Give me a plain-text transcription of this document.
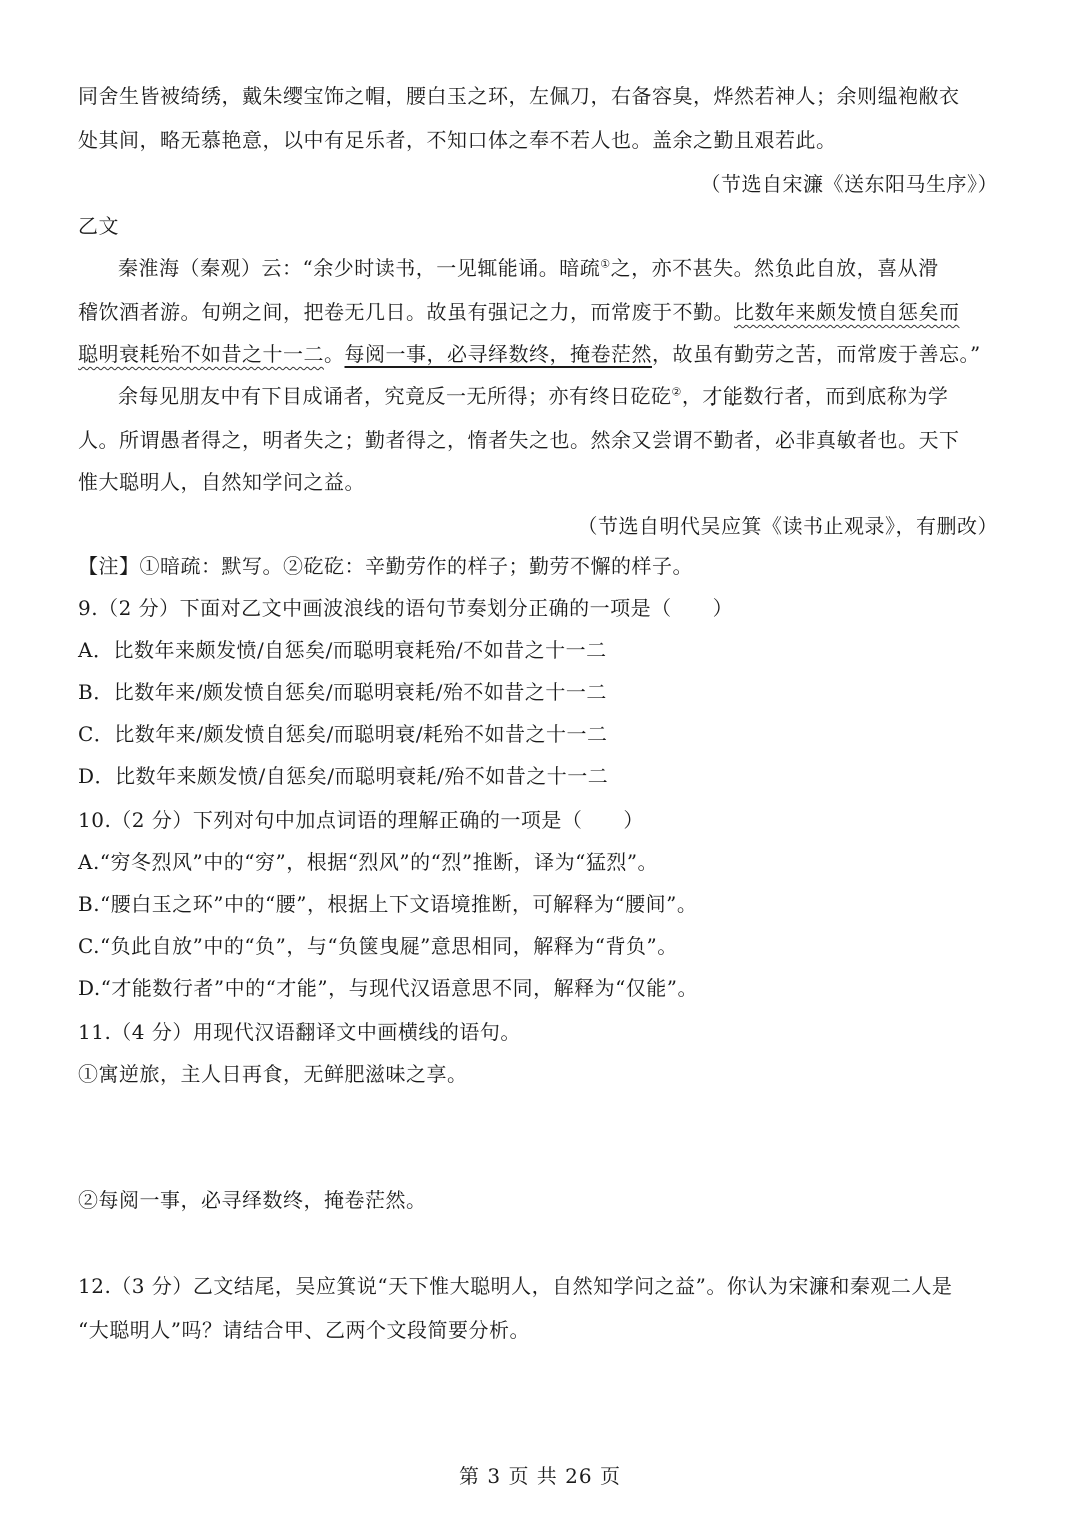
同舍生皆被绮绣，戴朱缨宝饰之帽，腰白玉之环，左佩刀，右备容臭，烨然若神人；余则缊袍敝衣
处其间，略无慕艳意，以中有足乐者，不知口体之奉不若人也。盖余之勤且艰若此。
（节选自宋濂《送东阳马生序》）
乙文
秦淮海（秦观）云：“余少时读书，一见辄能诵。暗疏①之，亦不甚失。然负此自放，喜从滑
稽饮酒者游。旬朔之间，把卷无几日。故虽有强记之力，而常废于不勤。比数年来颇发愤自惩矣而
聪明衰耗殆不如昔之十一二。每阅一事，必寻绎数终，掩卷茫然，故虽有勤劳之苦，而常废于善忘。”
余每见朋友中有下目成诵者，究竟反一无所得；亦有终日矻矻②，才能数行者，而到底称为学
人。所谓愚者得之，明者失之；勤者得之，惰者失之也。然余又尝谓不勤者，必非真敏者也。天下
惟大聪明人，自然知学问之益。
（节选自明代吴应箕《读书止观录》，有删改）
【注】①暗疏：默写。②矻矻：辛勤劳作的样子；勤劳不懈的样子。
9.（2 分）下面对乙文中画波浪线的语句节奏划分正确的一项是（　　）
A．比数年来颇发愤/自惩矣/而聪明衰耗殆/不如昔之十一二
B．比数年来/颇发愤自惩矣/而聪明衰耗/殆不如昔之十一二
C．比数年来/颇发愤自惩矣/而聪明衰/耗殆不如昔之十一二
D．比数年来颇发愤/自惩矣/而聪明衰耗/殆不如昔之十一二
10.（2 分）下列对句中加点词语的理解正确的一项是（　　）
A.“穷冬烈风”中的“穷”，根据“烈风”的“烈”推断，译为“猛烈”。
B.“腰白玉之环”中的“腰”，根据上下文语境推断，可解释为“腰间”。
C.“负此自放”中的“负”，与“负箧曳屣”意思相同，解释为“背负”。
D.“才能数行者”中的“才能”，与现代汉语意思不同，解释为“仅能”。
11.（4 分）用现代汉语翻译文中画横线的语句。
①寓逆旅，主人日再食，无鲜肥滋味之享。
②每阅一事，必寻绎数终，掩卷茫然。
12.（3 分）乙文结尾，吴应箕说“天下惟大聪明人，自然知学问之益”。你认为宋濂和秦观二人是
“大聪明人”吗？请结合甲、乙两个文段简要分析。
第 3 页 共 26 页
